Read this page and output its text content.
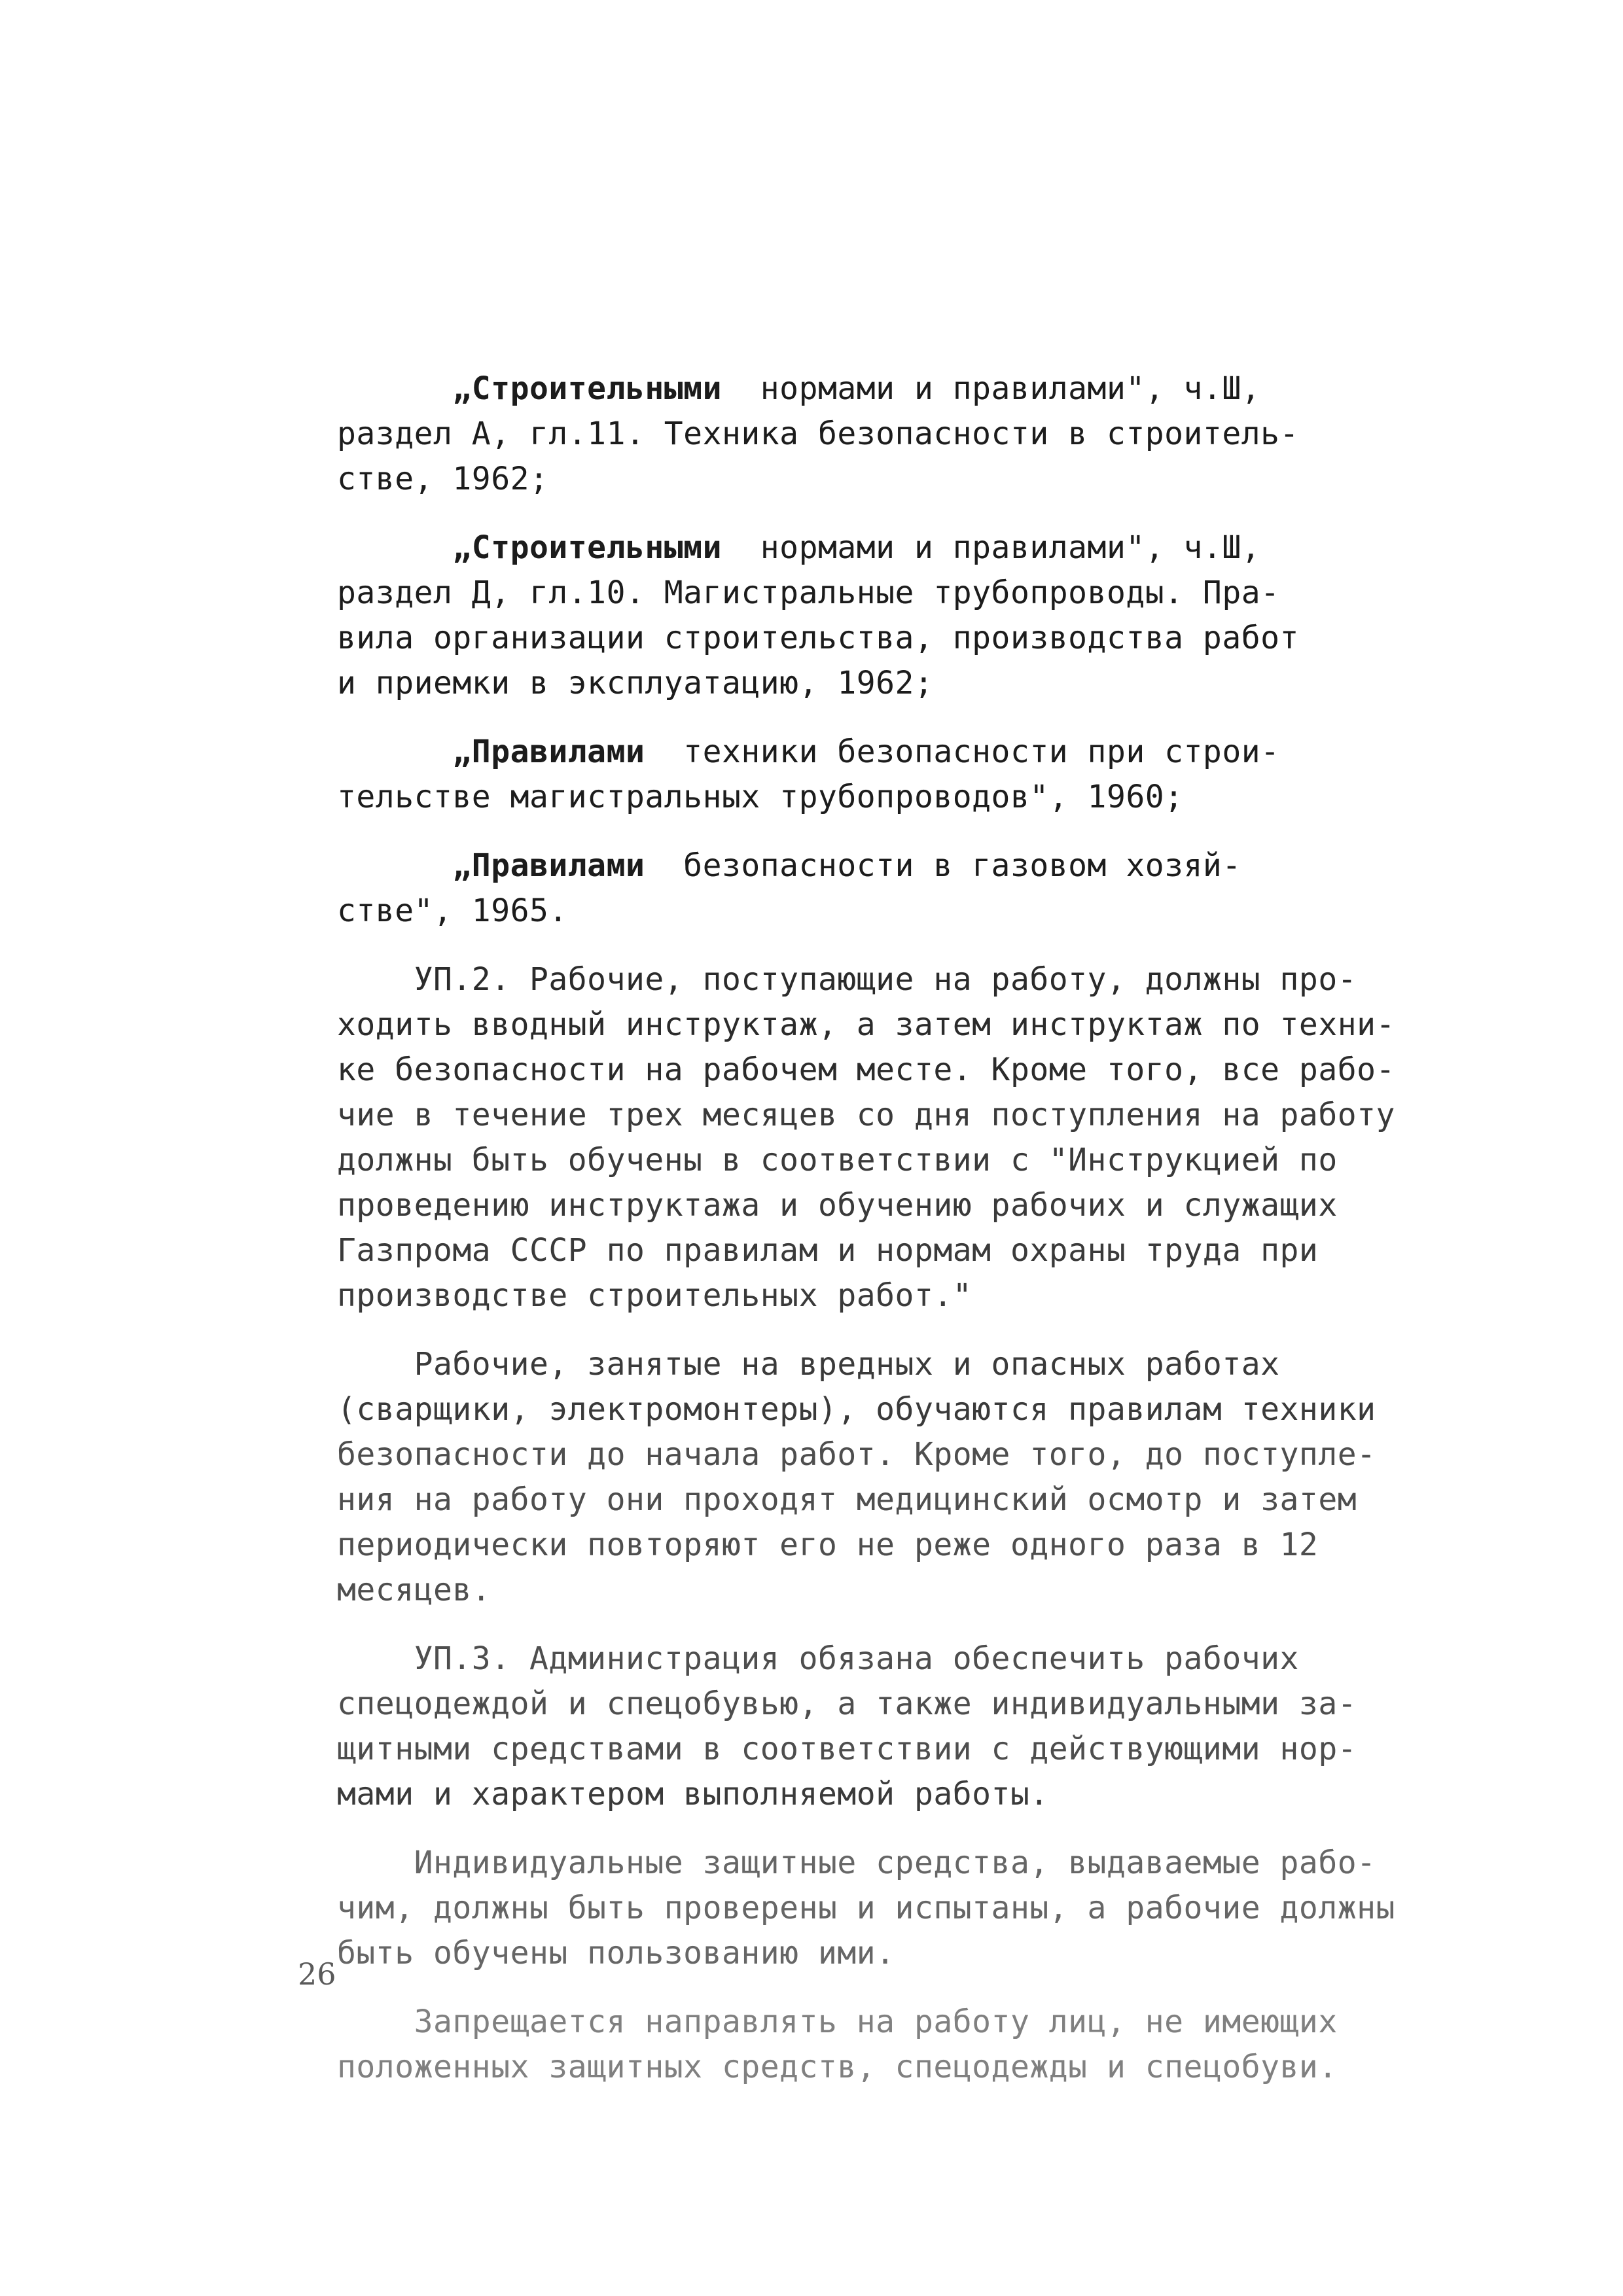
„Строительными  нормами и правилами", ч.Ш,
раздел А, гл.11. Техника безопасности в строитель-
стве, 1962;
„Строительными  нормами и правилами", ч.Ш,
раздел Д, гл.10. Магистральные трубопроводы. Пра-
вила организации строительства, производства работ
и приемки в эксплуатацию, 1962;
„Правилами  техники безопасности при строи-
тельстве магистральных трубопроводов", 1960;
„Правилами  безопасности в газовом хозяй-
стве", 1965.
УП.2. Рабочие, поступающие на работу, должны про-
ходить вводный инструктаж, а затем инструктаж по техни-
ке безопасности на рабочем месте. Кроме того, все рабо-
чие в течение трех месяцев со дня поступления на работу
должны быть обучены в соответствии с "Инструкцией по
проведению инструктажа и обучению рабочих и служащих
Газпрома СССР по правилам и нормам охраны труда при
производстве строительных работ."
Рабочие, занятые на вредных и опасных работах
(сварщики, электромонтеры), обучаются правилам техники
безопасности до начала работ. Кроме того, до поступле-
ния на работу они проходят медицинский осмотр и затем
периодически повторяют его не реже одного раза в 12
месяцев.
УП.3. Администрация обязана обеспечить рабочих
спецодеждой и спецобувью, а также индивидуальными за-
щитными средствами в соответствии с действующими нор-
мами и характером выполняемой работы.
Индивидуальные защитные средства, выдаваемые рабо-
чим, должны быть проверены и испытаны, а рабочие должны
быть обучены пользованию ими.
Запрещается направлять на работу лиц, не имеющих
положенных защитных средств, спецодежды и спецобуви.
26
